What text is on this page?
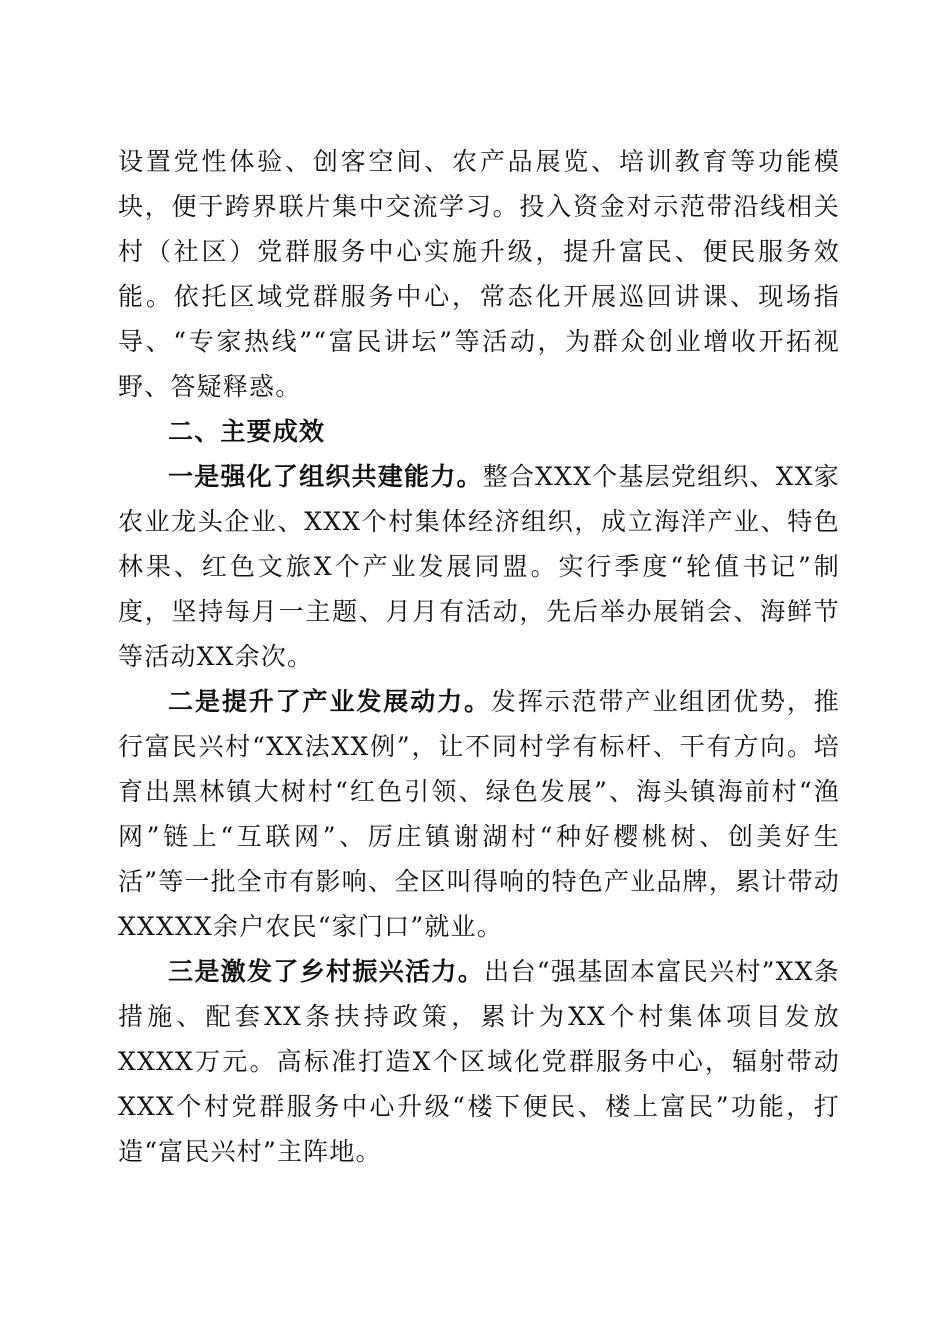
设置党性体验、创客空间、农产品展览、培训教育等功能模块，便于跨界联片集中交流学习。投入资金对示范带沿线相关村（社区）党群服务中心实施升级，提升富民、便民服务效能。依托区域党群服务中心，常态化开展巡回讲课、现场指导、“专家热线”“富民讲坛”等活动，为群众创业增收开拓视野、答疑释惑。

二、主要成效

一是强化了组织共建能力。整合XXX个基层党组织、XX家农业龙头企业、XXX个村集体经济组织，成立海洋产业、特色林果、红色文旅X个产业发展同盟。实行季度“轮值书记”制度，坚持每月一主题、月月有活动，先后举办展销会、海鲜节等活动XX余次。

二是提升了产业发展动力。发挥示范带产业组团优势，推行富民兴村“XX法XX例”，让不同村学有标杆、干有方向。培育出黑林镇大树村“红色引领、绿色发展”、海头镇海前村“渔网”链上“互联网”、厉庄镇谢湖村“种好樱桃树、创美好生活”等一批全市有影响、全区叫得响的特色产业品牌，累计带动XXXXX余户农民“家门口”就业。

三是激发了乡村振兴活力。出台“强基固本富民兴村”XX条措施、配套XX条扶持政策，累计为XX个村集体项目发放XXXX万元。高标准打造X个区域化党群服务中心，辐射带动XXX个村党群服务中心升级“楼下便民、楼上富民”功能，打造“富民兴村”主阵地。
